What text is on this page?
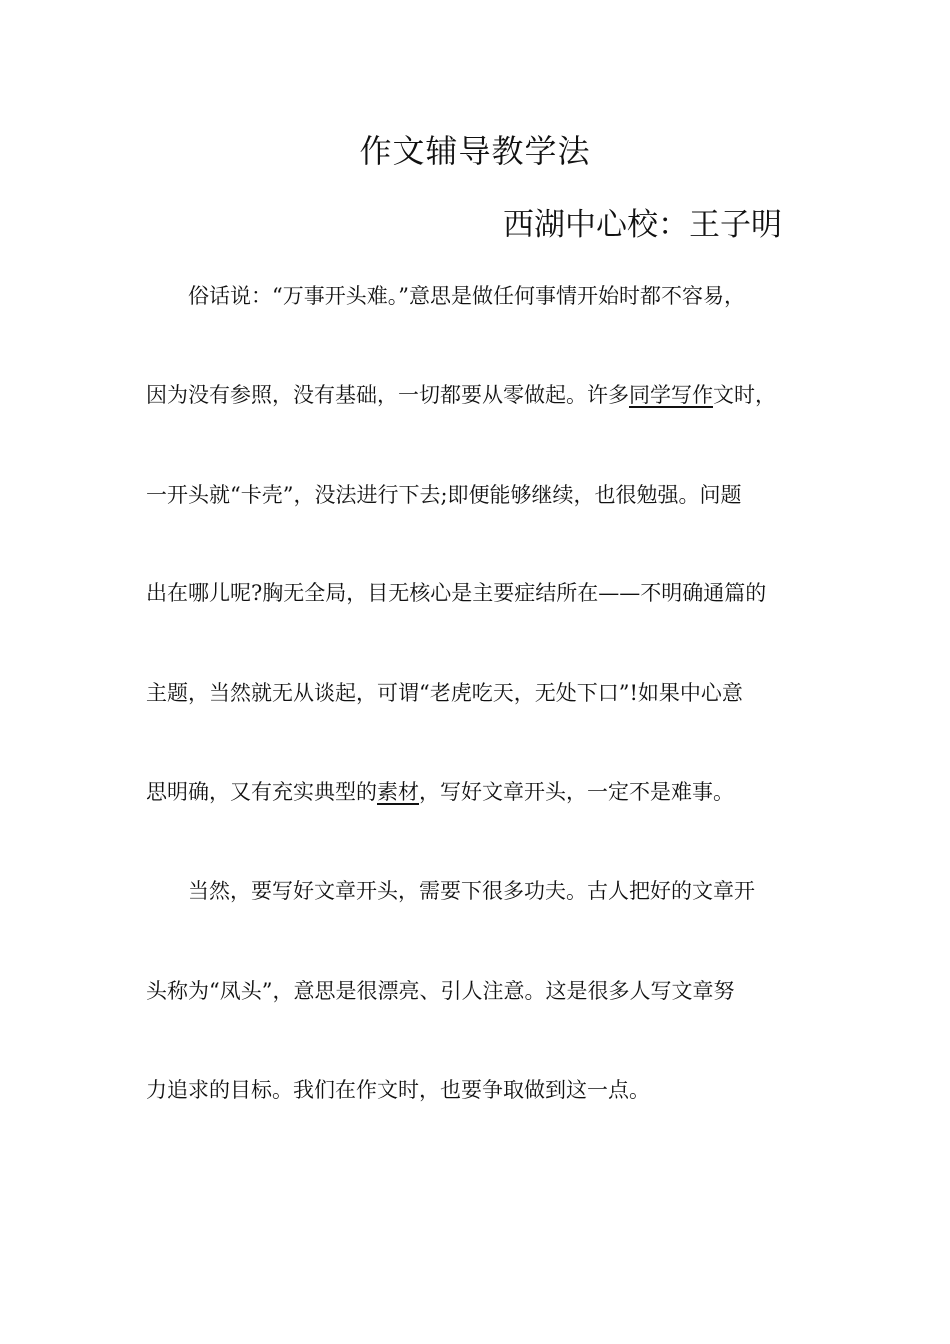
作文辅导教学法
西湖中心校：王子明
俗话说：“万事开头难。”意思是做任何事情开始时都不容易，
因为没有参照，没有基础，一切都要从零做起。许多同学写作文时，
一开头就“卡壳”，没法进行下去;即便能够继续，也很勉强。问题
出在哪儿呢?胸无全局，目无核心是主要症结所在——不明确通篇的
主题，当然就无从谈起，可谓“老虎吃天，无处下口”!如果中心意
思明确，又有充实典型的素材，写好文章开头，一定不是难事。
当然，要写好文章开头，需要下很多功夫。古人把好的文章开
头称为“凤头”，意思是很漂亮、引人注意。这是很多人写文章努
力追求的目标。我们在作文时，也要争取做到这一点。
